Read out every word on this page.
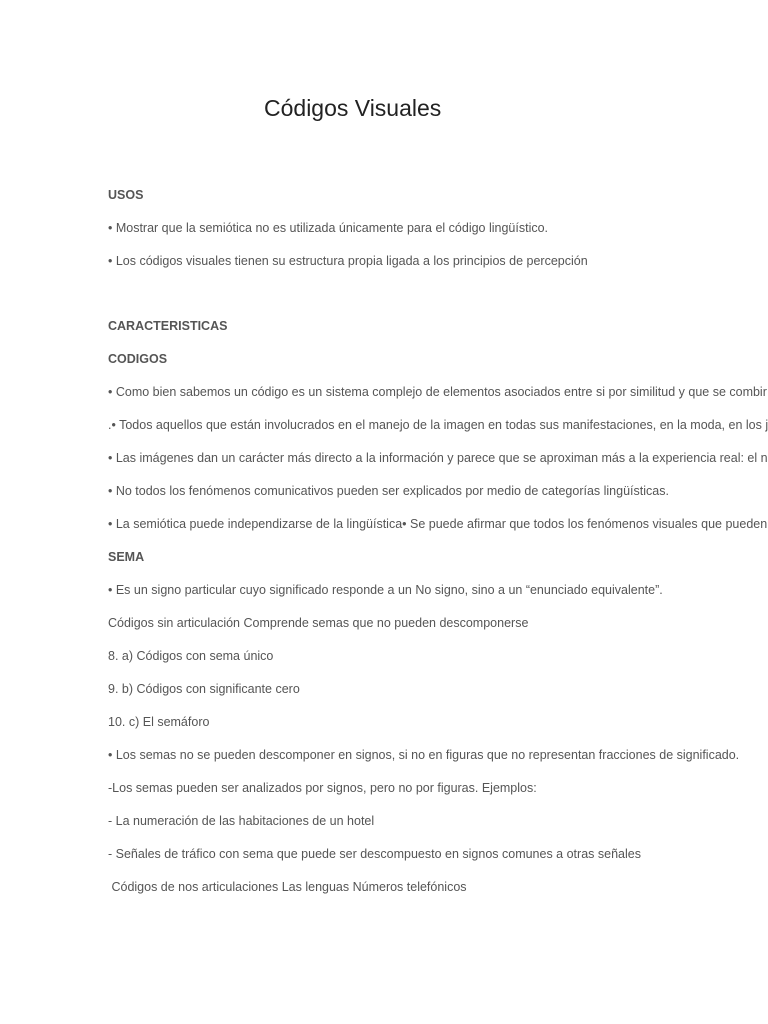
Códigos Visuales

USOS

• Mostrar que la semiótica no es utilizada únicamente para el código lingüístico.

• Los códigos visuales tienen su estructura propia ligada a los principios de percepción

CARACTERISTICAS

CODIGOS

• Como bien sabemos un código es un sistema complejo de elementos asociados entre si por similitud y que se combir

.• Todos aquellos que están involucrados en el manejo de la imagen en todas sus manifestaciones, en la moda, en los j

• Las imágenes dan un carácter más directo a la información y parece que se aproximan más a la experiencia real: el n

• No todos los fenómenos comunicativos pueden ser explicados por medio de categorías lingüísticas.

• La semiótica puede independizarse de la lingüística• Se puede afirmar que todos los fenómenos visuales que pueden

SEMA

• Es un signo particular cuyo significado responde a un No signo, sino a un “enunciado equivalente”.

Códigos sin articulación Comprende semas que no pueden descomponerse

8. a) Códigos con sema único

9. b) Códigos con significante cero

10. c) El semáforo

• Los semas no se pueden descomponer en signos, si no en figuras que no representan fracciones de significado.

-Los semas pueden ser analizados por signos, pero no por figuras. Ejemplos:

- La numeración de las habitaciones de un hotel

- Señales de tráfico con sema que puede ser descompuesto en signos comunes a otras señales

Códigos de nos articulaciones Las lenguas Números telefónicos
